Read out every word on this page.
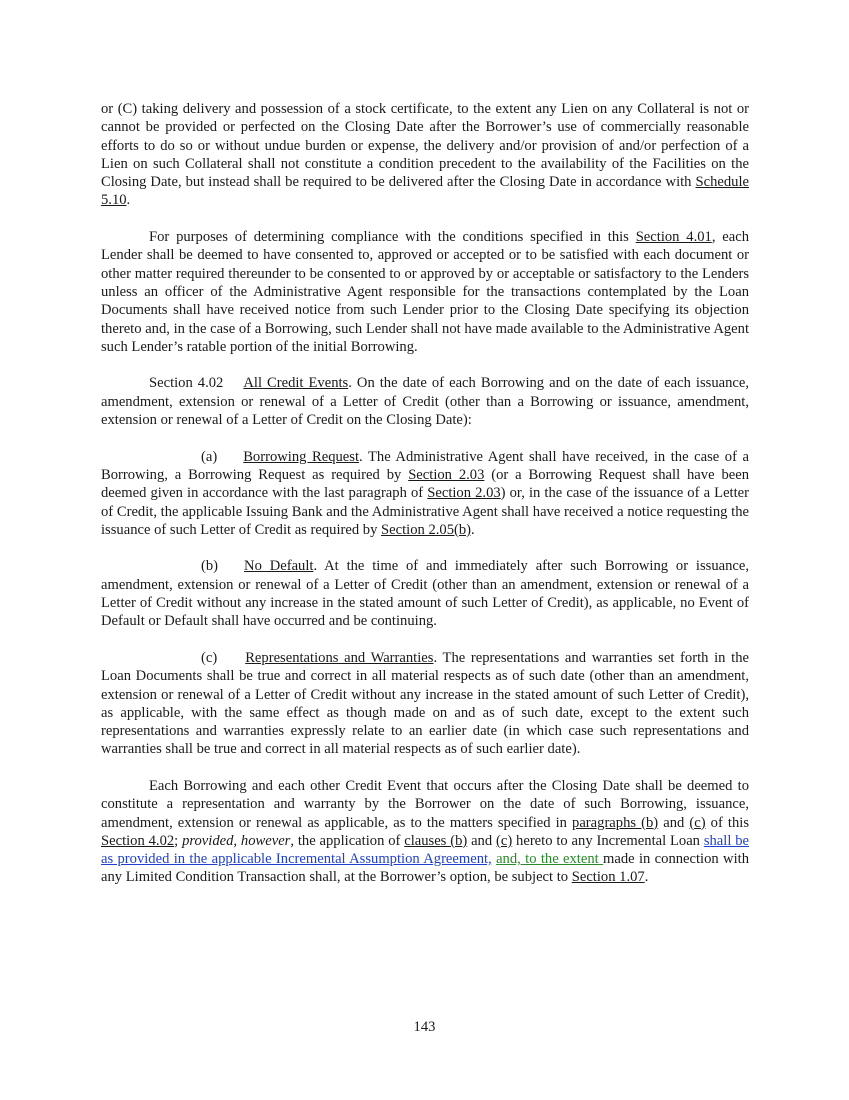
or (C) taking delivery and possession of a stock certificate, to the extent any Lien on any Collateral is not or cannot be provided or perfected on the Closing Date after the Borrower’s use of commercially reasonable efforts to do so or without undue burden or expense, the delivery and/or provision of and/or perfection of a Lien on such Collateral shall not constitute a condition precedent to the availability of the Facilities on the Closing Date, but instead shall be required to be delivered after the Closing Date in accordance with Schedule 5.10.

For purposes of determining compliance with the conditions specified in this Section 4.01, each Lender shall be deemed to have consented to, approved or accepted or to be satisfied with each document or other matter required thereunder to be consented to or approved by or acceptable or satisfactory to the Lenders unless an officer of the Administrative Agent responsible for the transactions contemplated by the Loan Documents shall have received notice from such Lender prior to the Closing Date specifying its objection thereto and, in the case of a Borrowing, such Lender shall not have made available to the Administrative Agent such Lender’s ratable portion of the initial Borrowing.

Section 4.02 All Credit Events. On the date of each Borrowing and on the date of each issuance, amendment, extension or renewal of a Letter of Credit (other than a Borrowing or issuance, amendment, extension or renewal of a Letter of Credit on the Closing Date):

(a) Borrowing Request. The Administrative Agent shall have received, in the case of a Borrowing, a Borrowing Request as required by Section 2.03 (or a Borrowing Request shall have been deemed given in accordance with the last paragraph of Section 2.03) or, in the case of the issuance of a Letter of Credit, the applicable Issuing Bank and the Administrative Agent shall have received a notice requesting the issuance of such Letter of Credit as required by Section 2.05(b).

(b) No Default. At the time of and immediately after such Borrowing or issuance, amendment, extension or renewal of a Letter of Credit (other than an amendment, extension or renewal of a Letter of Credit without any increase in the stated amount of such Letter of Credit), as applicable, no Event of Default or Default shall have occurred and be continuing.

(c) Representations and Warranties. The representations and warranties set forth in the Loan Documents shall be true and correct in all material respects as of such date (other than an amendment, extension or renewal of a Letter of Credit without any increase in the stated amount of such Letter of Credit), as applicable, with the same effect as though made on and as of such date, except to the extent such representations and warranties expressly relate to an earlier date (in which case such representations and warranties shall be true and correct in all material respects as of such earlier date).

Each Borrowing and each other Credit Event that occurs after the Closing Date shall be deemed to constitute a representation and warranty by the Borrower on the date of such Borrowing, issuance, amendment, extension or renewal as applicable, as to the matters specified in paragraphs (b) and (c) of this Section 4.02; provided, however, the application of clauses (b) and (c) hereto to any Incremental Loan shall be as provided in the applicable Incremental Assumption Agreement, and, to the extent made in connection with any Limited Condition Transaction shall, at the Borrower’s option, be subject to Section 1.07.

143
